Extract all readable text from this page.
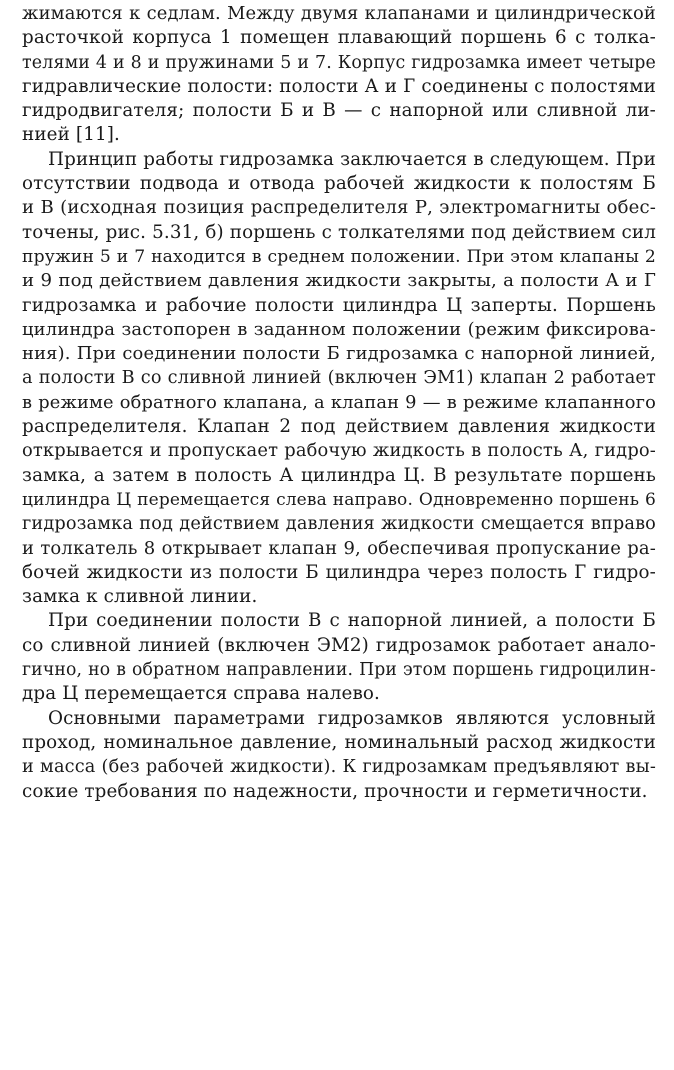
жимаются к седлам. Между двумя клапанами и цилиндрической
расточкой корпуса 1 помещен плавающий поршень 6 с толка-
телями 4 и 8 и пружинами 5 и 7. Корпус гидрозамка имеет четыре
гидравлические полости: полости А и Г соединены с полостями
гидродвигателя; полости Б и В — с напорной или сливной ли-
нией [11].
Принцип работы гидрозамка заключается в следующем. При
отсутствии подвода и отвода рабочей жидкости к полостям Б
и В (исходная позиция распределителя Р, электромагниты обес-
точены, рис. 5.31, б) поршень с толкателями под действием сил
пружин 5 и 7 находится в среднем положении. При этом клапаны 2
и 9 под действием давления жидкости закрыты, а полости А и Г
гидрозамка и рабочие полости цилиндра Ц заперты. Поршень
цилиндра застопорен в заданном положении (режим фиксирова-
ния). При соединении полости Б гидрозамка с напорной линией,
а полости В со сливной линией (включен ЭМ1) клапан 2 работает
в режиме обратного клапана, а клапан 9 — в режиме клапанного
распределителя. Клапан 2 под действием давления жидкости
открывается и пропускает рабочую жидкость в полость А, гидро-
замка, а затем в полость А цилиндра Ц. В результате поршень
цилиндра Ц перемещается слева направо. Одновременно поршень 6
гидрозамка под действием давления жидкости смещается вправо
и толкатель 8 открывает клапан 9, обеспечивая пропускание ра-
бочей жидкости из полости Б цилиндра через полость Г гидро-
замка к сливной линии.
При соединении полости В с напорной линией, а полости Б
со сливной линией (включен ЭМ2) гидрозамок работает анало-
гично, но в обратном направлении. При этом поршень гидроцилин-
дра Ц перемещается справа налево.
Основными параметрами гидрозамков являются условный
проход, номинальное давление, номинальный расход жидкости
и масса (без рабочей жидкости). К гидрозамкам предъявляют вы-
сокие требования по надежности, прочности и герметичности.
